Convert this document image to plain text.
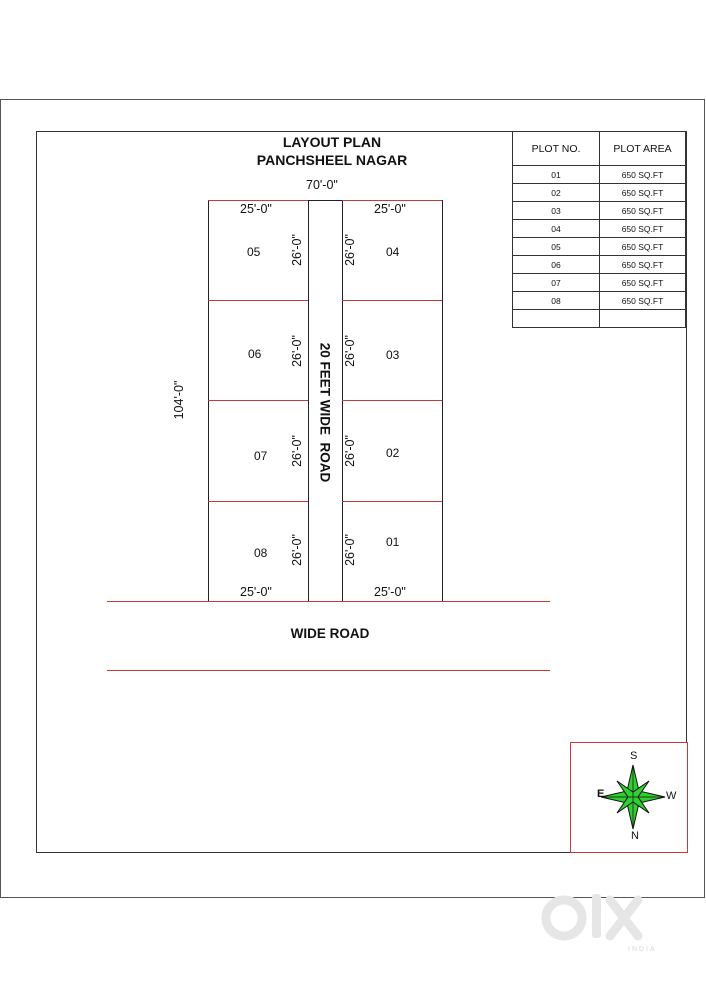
LAYOUT PLAN
PANCHSHEEL NAGAR
70'-0"
104'-0"
WIDE ROAD
25'-0"	25'-0"
25'-0"	25'-0"
05
06
07
08
04
03
02
01
26'-0"
26'-0"
26'-0"
26'-0"
26'-0"
26'-0"
26'-0"
26'-0"
20 FEET WIDE  ROAD
PLOT NO.	PLOT AREA
01	650 SQ.FT
02	650 SQ.FT
03	650 SQ.FT
04	650 SQ.FT
05	650 SQ.FT
06	650 SQ.FT
07	650 SQ.FT
08	650 SQ.FT

S
E	W
N
INDIA
